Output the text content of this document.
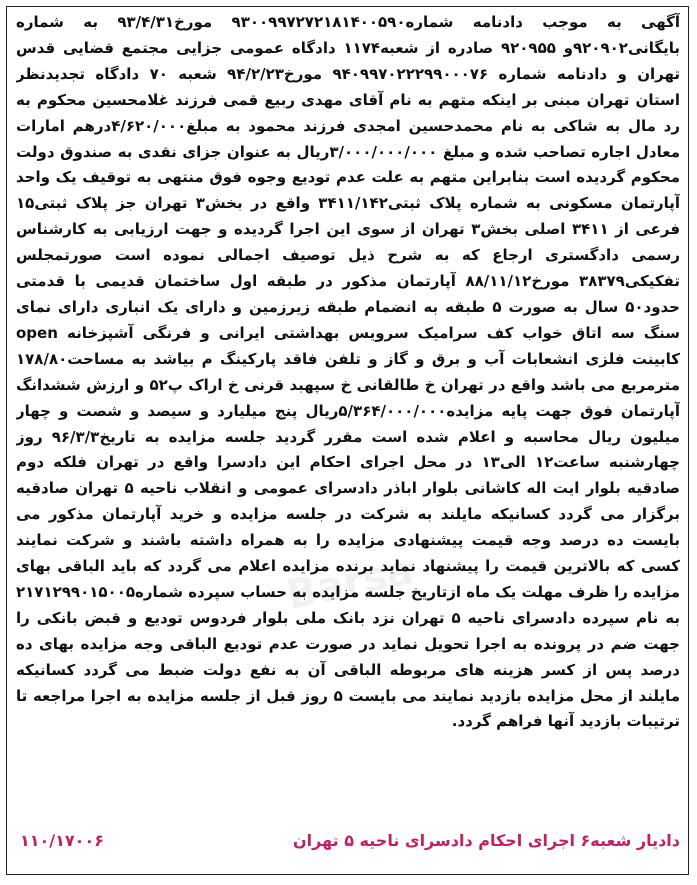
Barsa
آگهی به موجب دادنامه شماره۹۳۰۰۹۹۷۲۷۲۱۸۱۴۰۰۵۹۰ مورخ۹۳/۴/۳۱ به شماره بایگانی۹۲۰۹۰۲و ۹۲۰۹۵۵ صادره از شعبه۱۱۷۴ دادگاه عمومی جزایی مجتمع قضایی قدس تهران و دادنامه شماره ۹۴۰۹۹۷۰۲۲۲۹۹۰۰۰۷۶ مورخ۹۴/۲/۲۳ شعبه ۷۰ دادگاه تجدیدنظر استان تهران مبنی بر اینکه متهم به نام آقای مهدی ربیع قمی فرزند غلامحسین محکوم به رد مال به شاکی به نام محمدحسین امجدی فرزند محمود به مبلغ۴/۶۲۰/۰۰۰درهم امارات معادل اجاره تصاحب شده و مبلغ ۳/۰۰۰/۰۰۰/۰۰۰ریال به عنوان جزای نقدی به صندوق دولت محکوم گردیده است بنابراین متهم به علت عدم تودیع وجوه فوق منتهی به توقیف یک واحد آپارتمان مسکونی به شماره پلاک ثبتی۳۴۱۱/۱۴۲ واقع در بخش۳ تهران جز پلاک ثبتی۱۵ فرعی از ۳۴۱۱ اصلی بخش۳ تهران از سوی این اجرا گردیده و جهت ارزیابی به کارشناس رسمی دادگستری ارجاع که به شرح ذیل توصیف اجمالی نموده است صورتمجلس تفکیکی۳۸۳۷۹ مورخ۸۸/۱۱/۱۲ آپارتمان مذکور در طبقه اول ساختمان قدیمی با قدمتی حدود۵۰ سال به صورت ۵ طبقه به انضمام طبقه زیرزمین و دارای یک انباری دارای نمای سنگ سه اتاق خواب کف سرامیک سرویس بهداشتی ایرانی و فرنگی آشپزخانه open کابینت فلزی انشعابات آب و برق و گاز و تلفن فاقد پارکینگ م بیاشد به مساحت۱۷۸/۸۰ مترمربع می باشد واقع در تهران خ طالقانی خ سپهبد قرنی خ اراک پ۵۲ و ارزش ششدانگ آپارتمان فوق جهت پایه مزایده۵/۳۶۴/۰۰۰/۰۰۰ریال پنج میلیارد و سیصد و شصت و چهار میلیون ریال محاسبه و اعلام شده است مقرر گردید جلسه مزایده به تاریخ۹۶/۳/۳ روز چهارشنبه ساعت۱۲ الی۱۳ در محل اجرای احکام این دادسرا واقع در تهران فلکه دوم صادقیه بلوار ایت اله کاشانی بلوار اباذر دادسرای عمومی و انقلاب ناحیه ۵ تهران صادقیه برگزار می گردد کسانیکه مایلند به شرکت در جلسه مزایده و خرید آپارتمان مذکور می بایست ده درصد وجه قیمت پیشنهادی مزایده را به همراه داشته باشند و شرکت نمایند کسی که بالاترین قیمت را پیشنهاد نماید برنده مزایده اعلام می گردد که باید الباقی بهای مزایده را ظرف مهلت یک ماه ازتاریخ جلسه مزایده به حساب سپرده شماره۲۱۷۱۲۹۹۰۱۵۰۰۵ به نام سپرده دادسرای ناحیه ۵ تهران نزد بانک ملی بلوار فردوس توديع و قبض بانکی را جهت ضم در پرونده به اجرا تحویل نماید در صورت عدم توديع الباقی وجه مزایده بهای ده درصد پس از کسر هزینه های مربوطه الباقی آن به نفع دولت ضبط می گردد کسانیکه مایلند از محل مزایده بازدید نمایند می بایست ۵ روز قبل از جلسه مزایده به اجرا مراجعه تا ترتیبات بازدید آنها فراهم گردد.
دادیار شعبه۶ اجرای احکام دادسرای ناحیه ۵ تهران
۱۱۰/۱۷۰۰۶
